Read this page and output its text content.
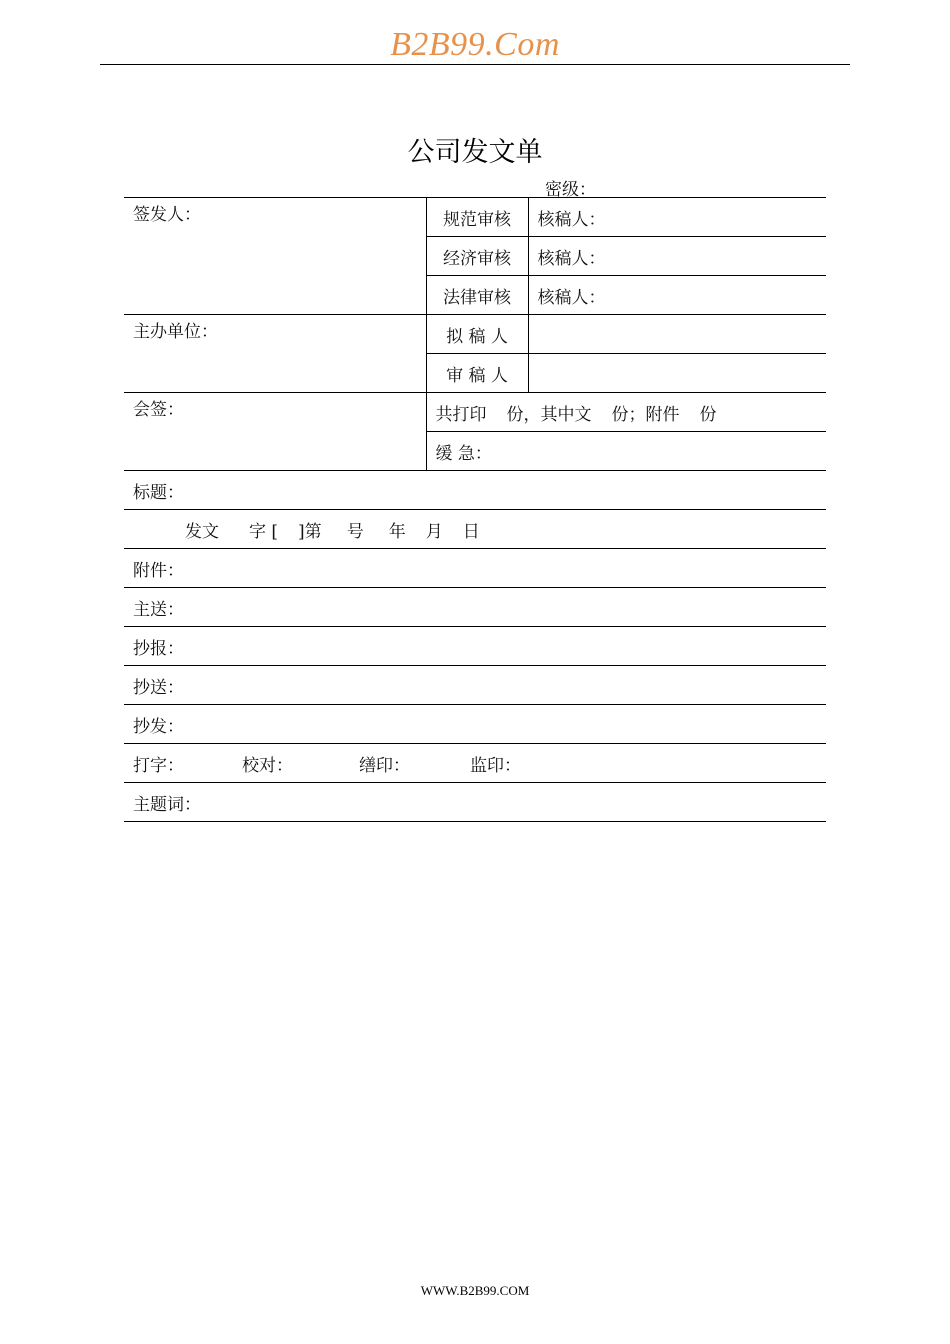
B2B99.Com
公司发文单
密级：
签发人：	规范审核	核稿人：
	经济审核	核稿人：
	法律审核	核稿人：
主办单位：	拟 稿 人	
	审 稿 人	
会签：	共打印 份，其中文 份；附件 份	
	缓 急：	
标题：		
发文 字 [ ]第 号 年 月 日		
附件：		
主送：		
抄报：		
抄送：		
抄发：		
打字： 校对： 缮印： 监印：		
主题词：		
WWW.B2B99.COM
